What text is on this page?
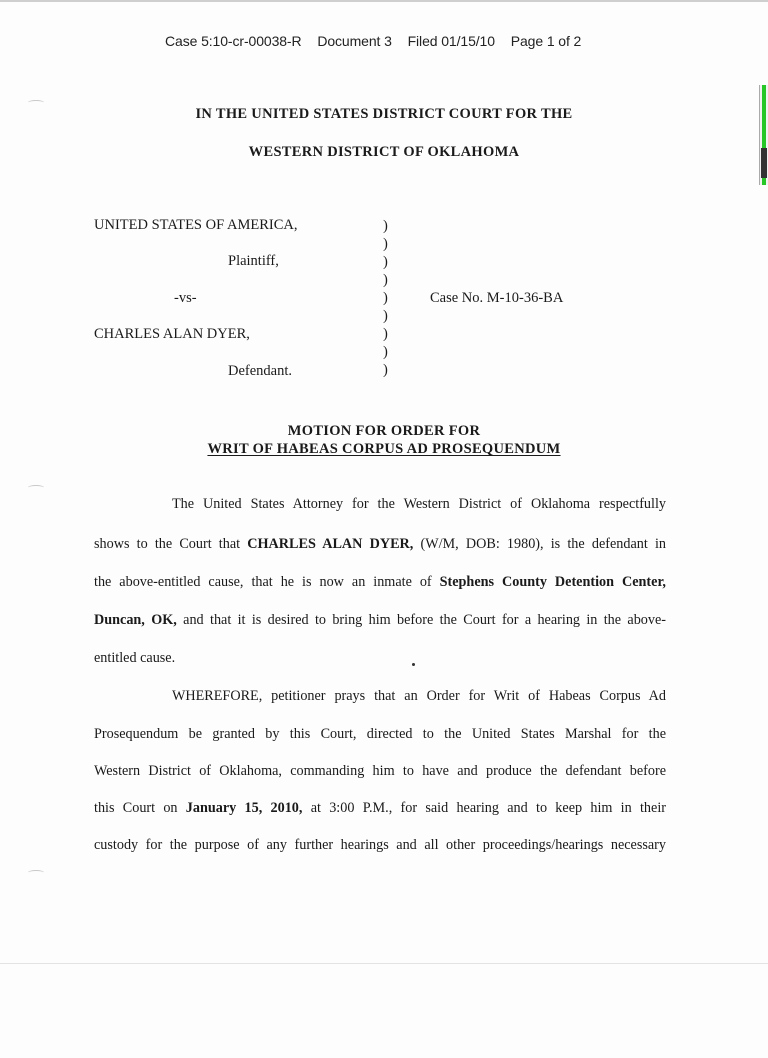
Case 5:10-cr-00038-R Document 3 Filed 01/15/10 Page 1 of 2
IN THE UNITED STATES DISTRICT COURT FOR THE
WESTERN DISTRICT OF OKLAHOMA
UNITED STATES OF AMERICA,
Plaintiff,
-vs-
CHARLES ALAN DYER,
Defendant.
Case No. M-10-36-BA
)
)
)
)
)
)
)
)
)
MOTION FOR ORDER FOR
WRIT OF HABEAS CORPUS AD PROSEQUENDUM
The United States Attorney for the Western District of Oklahoma respectfully
shows to the Court that CHARLES ALAN DYER, (W/M, DOB: 1980), is the defendant in
the above-entitled cause, that he is now an inmate of Stephens County Detention Center,
Duncan, OK, and that it is desired to bring him before the Court for a hearing in the above-
entitled cause.
WHEREFORE, petitioner prays that an Order for Writ of Habeas Corpus Ad
Prosequendum be granted by this Court, directed to the United States Marshal for the
Western District of Oklahoma, commanding him to have and produce the defendant before
this Court on January 15, 2010, at 3:00 P.M., for said hearing and to keep him in their
custody for the purpose of any further hearings and all other proceedings/hearings necessary
